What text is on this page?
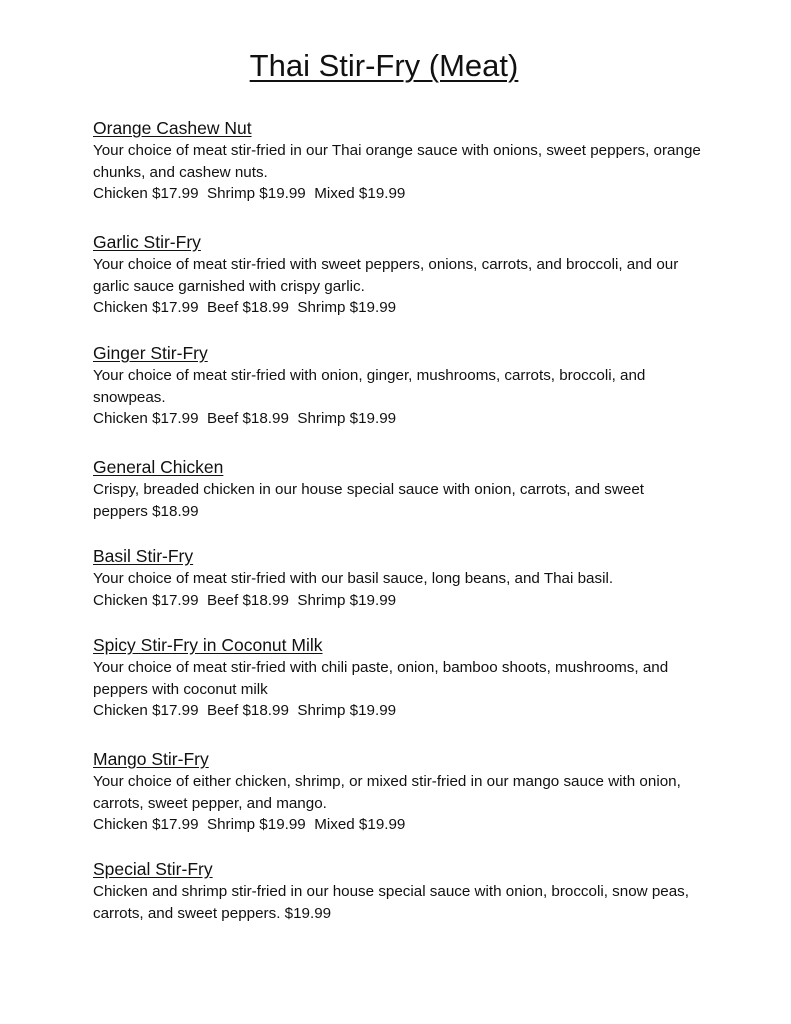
Thai Stir-Fry (Meat)

Orange Cashew Nut

Your choice of meat stir-fried in our Thai orange sauce with onions, sweet peppers, orange chunks, and cashew nuts.

Chicken $17.99  Shrimp $19.99  Mixed $19.99

Garlic Stir-Fry

Your choice of meat stir-fried with sweet peppers, onions, carrots, and broccoli, and our garlic sauce garnished with crispy garlic.

Chicken $17.99  Beef $18.99  Shrimp $19.99

Ginger Stir-Fry

Your choice of meat stir-fried with onion, ginger, mushrooms, carrots, broccoli, and snowpeas.

Chicken $17.99  Beef $18.99  Shrimp $19.99

General Chicken

Crispy, breaded chicken in our house special sauce with onion, carrots, and sweet peppers $18.99

Basil Stir-Fry

Your choice of meat stir-fried with our basil sauce, long beans, and Thai basil.

Chicken $17.99  Beef $18.99  Shrimp $19.99

Spicy Stir-Fry in Coconut Milk

Your choice of meat stir-fried with chili paste, onion, bamboo shoots, mushrooms, and peppers with coconut milk

Chicken $17.99  Beef $18.99  Shrimp $19.99

Mango Stir-Fry

Your choice of either chicken, shrimp, or mixed stir-fried in our mango sauce with onion, carrots, sweet pepper, and mango.

Chicken $17.99  Shrimp $19.99  Mixed $19.99

Special Stir-Fry

Chicken and shrimp stir-fried in our house special sauce with onion, broccoli, snow peas, carrots, and sweet peppers. $19.99
